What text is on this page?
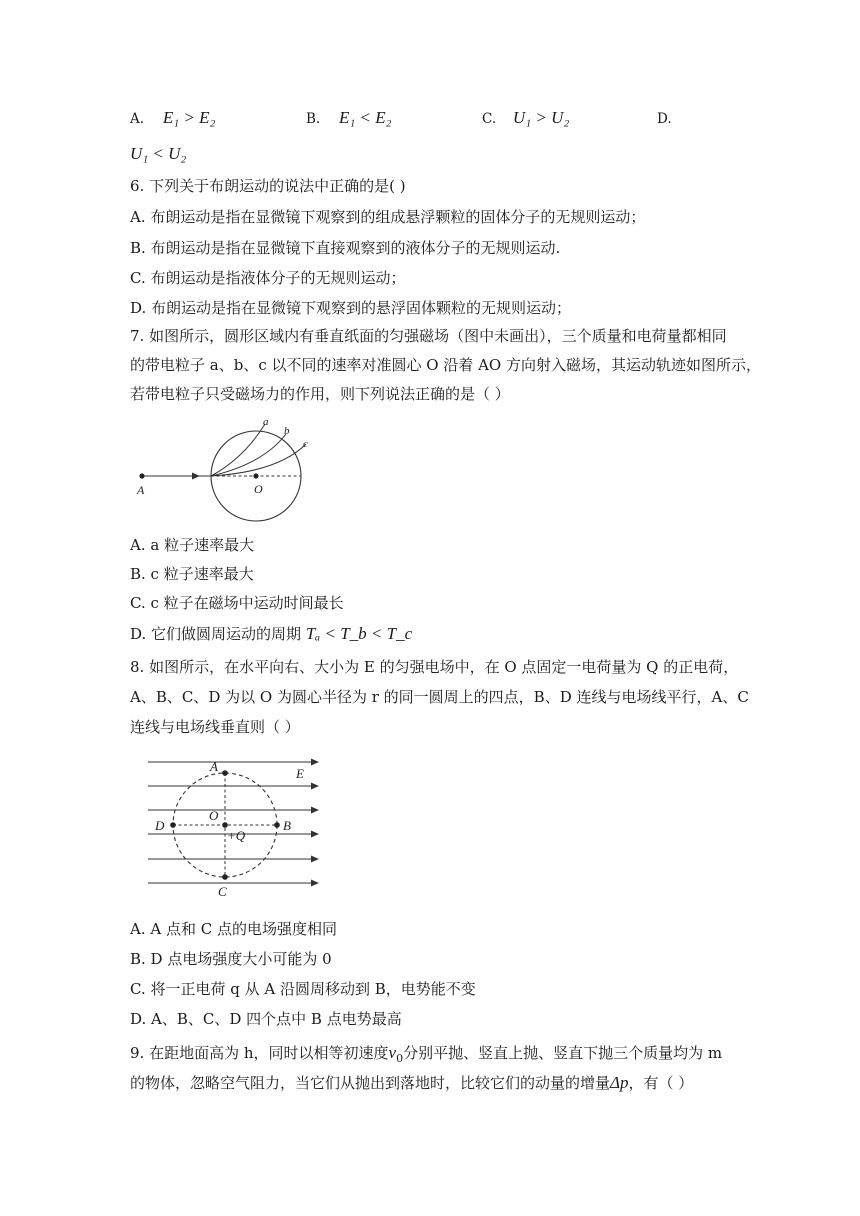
A. E₁ > E₂	B. E₁ < E₂	C. U₁ > U₂	D.
U₁ < U₂
6. 下列关于布朗运动的说法中正确的是( )
A. 布朗运动是指在显微镜下观察到的组成悬浮颗粒的固体分子的无规则运动；
B. 布朗运动是指在显微镜下直接观察到的液体分子的无规则运动.
C. 布朗运动是指液体分子的无规则运动；
D. 布朗运动是指在显微镜下观察到的悬浮固体颗粒的无规则运动；
7. 如图所示，圆形区域内有垂直纸面的匀强磁场（图中未画出），三个质量和电荷量都相同
的带电粒子 a、b、c 以不同的速率对准圆心 O 沿着 AO 方向射入磁场，其运动轨迹如图所示，
若带电粒子只受磁场力的作用，则下列说法正确的是（ ）
a
b
c
A	O
A. a 粒子速率最大
B. c 粒子速率最大
C. c 粒子在磁场中运动时间最长
D. 它们做圆周运动的周期 Tₐ < T_b < T_c
8. 如图所示，在水平向右、大小为 E 的匀强电场中，在 O 点固定一电荷量为 Q 的正电荷，
A、B、C、D 为以 O 为圆心半径为 r 的同一圆周上的四点，B、D 连线与电场线平行，A、C
连线与电场线垂直则（ ）
A
C
D	B
O
E
+Q
A. A 点和 C 点的电场强度相同
B. D 点电场强度大小可能为 0
C. 将一正电荷 q 从 A 沿圆周移动到 B，电势能不变
D. A、B、C、D 四个点中 B 点电势最高
9. 在距地面高为 h，同时以相等初速度$v_0$分别平抛、竖直上抛、竖直下抛三个质量均为 m
的物体，忽略空气阻力，当它们从抛出到落地时，比较它们的动量的增量Δp，有（ ）
